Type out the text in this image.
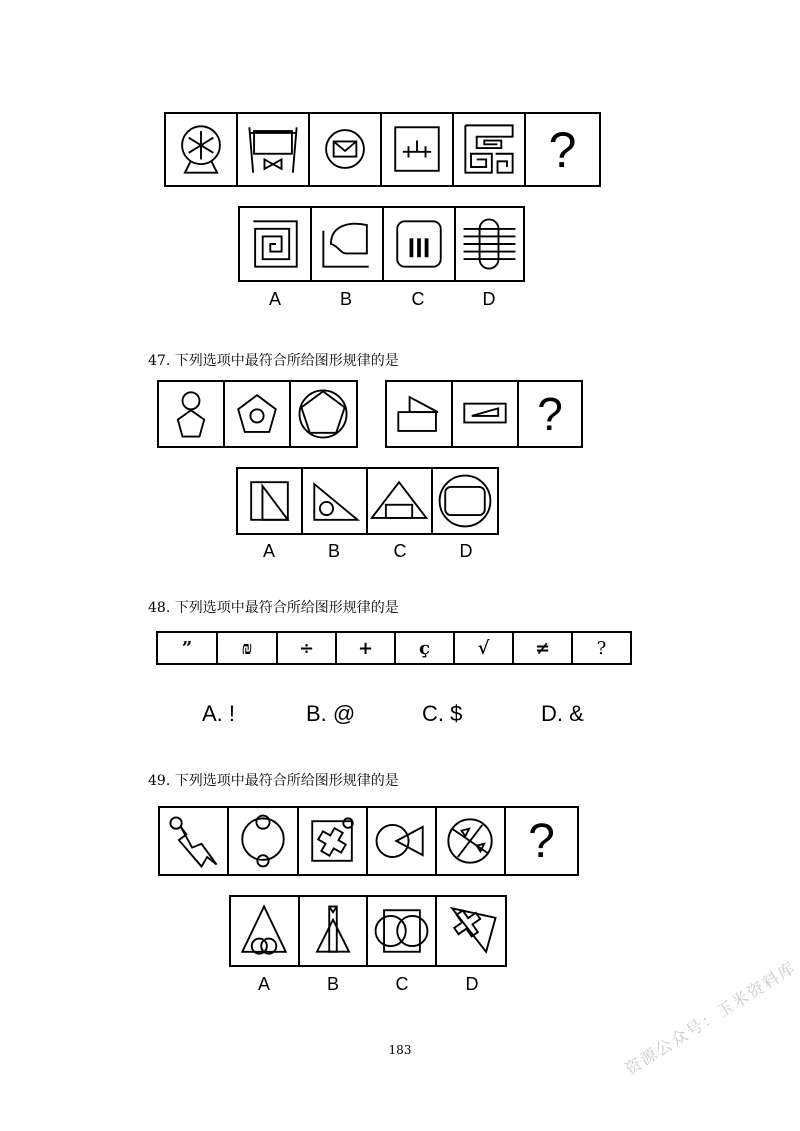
?
A	B	C	D
47. 下列选项中最符合所给图形规律的是
?
A	B	C	D
48. 下列选项中最符合所给图形规律的是
”	₪	÷	+	ç	√	≠	?
A. !	B. @	C. $	D. &
49. 下列选项中最符合所给图形规律的是
?
A	B	C	D
183	资源公众号：玉米资料库
